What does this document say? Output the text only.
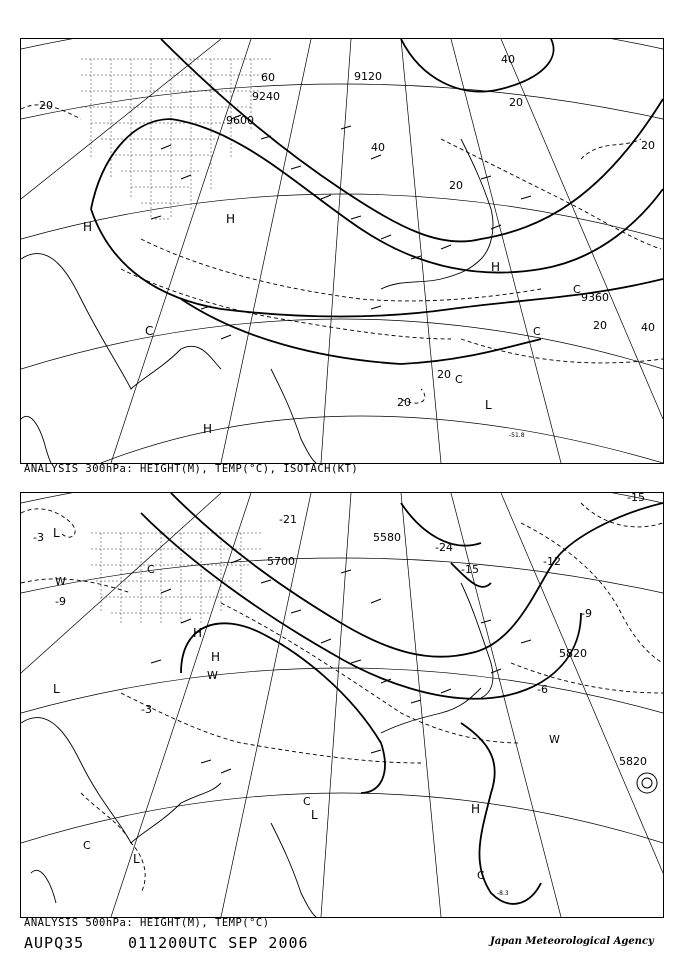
9120
9240
9600
9360
40
60
20
40
20
20
20
40
20
20
20
-51.8
H
H
H
H
L
C	C
C
C
ANALYSIS 300hPa: HEIGHT(M), TEMP(°C), ISOTACH(KT)
5580
5700
5820
5820
-3
-9
-21
-24
-15
-12
-9
-6
-3
-15
-8.3
L
L
L
L
W
W
W
H
H
H
C
C
C
C
ANALYSIS 500hPa: HEIGHT(M), TEMP(°C)
AUPQ35	011200UTC SEP 2006	Japan Meteorological Agency
